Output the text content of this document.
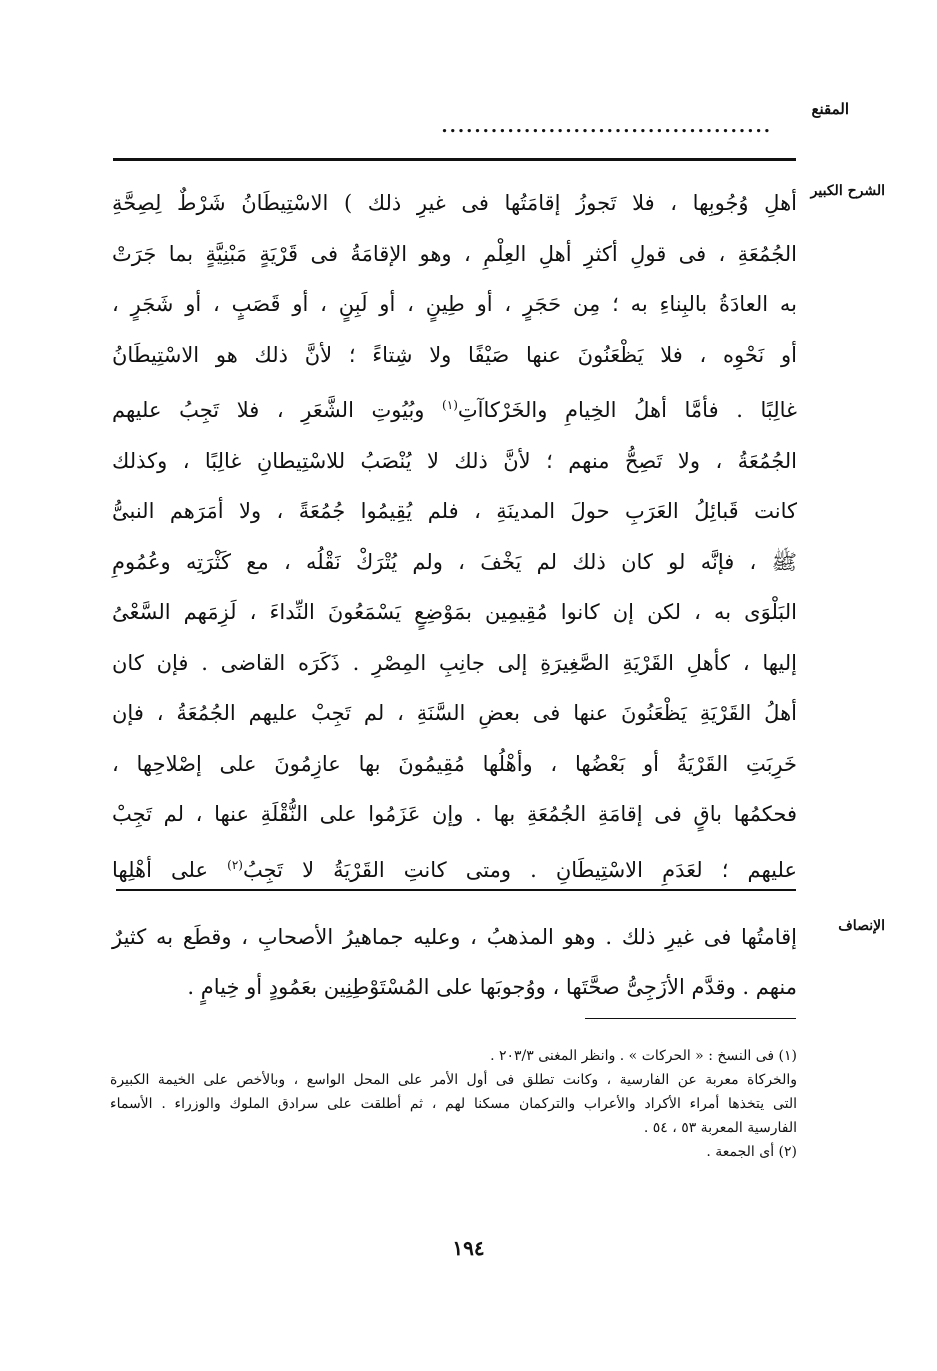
المقنع
........................................
الشرح الكبير
أهلِ وُجُوبِها ، فلا تَجوزُ إقامَتُها فى غيرِ ذلك ) الاسْتِيطَانُ شَرْطٌ لِصِحَّةِ
الجُمُعَةِ ، فى قولِ أكثرِ أهلِ العِلْمِ ، وهو الإقامَةُ فى قَرْيَةٍ مَبْنِيَّةٍ بما جَرَتْ
به العادَةُ بالبِناءِ به ؛ مِن حَجَرٍ ، أو طِينٍ ، أو لَبِنٍ ، أو قَصَبٍ ، أو شَجَرٍ ،
أو نَحْوِه ، فلا يَظْعَنُونَ عنها صَيْفًا ولا شِتاءً ؛ لأنَّ ذلك هو الاسْتِيطَانُ
غالِبًا . فأمَّا أهلُ الخِيامِ والخَرْكاآتِ$^{(١)}$ وبُيُوتِ الشَّعَرِ ، فلا تَجِبُ عليهم
الجُمُعَةُ ، ولا تَصِحُّ منهم ؛ لأنَّ ذلك لا يُنْصَبُ للاسْتِيطانِ غالِبًا ، وكذلك
كانت قَبائِلُ العَرَبِ حولَ المدينَةِ ، فلم يُقِيمُوا جُمُعَةً ، ولا أمَرَهم النبىُّ
ﷺ ، فإنَّه لو كان ذلك لم يَخْفَ ، ولم يُتْرَكْ نَقْلُه ، مع كَثْرَتِه وعُمُومِ
البَلْوَى به ، لكن إن كانوا مُقِيمِين بمَوْضِعٍ يَسْمَعُونَ النِّداءَ ، لَزِمَهم السَّعْىُ
إليها ، كأهلِ القَرْيَةِ الصَّغِيرَةِ إلى جانِبِ المِصْرِ . ذَكَرَه القاضى . فإن كان
أهلُ القَرْيَةِ يَظْعَنُونَ عنها فى بعضِ السَّنَةِ ، لم تَجِبْ عليهم الجُمُعَةُ ، فإن
خَرِبَتِ القَرْيَةُ أو بَعْضُها ، وأهْلُها مُقِيمُونَ بها عازِمُونَ على إصْلاحِها ،
فحكمُها باقٍ فى إقامَةِ الجُمُعَةِ بها . وإن عَزَمُوا على النُّقْلَةِ عنها ، لم تَجِبْ
عليهم ؛ لعَدَمِ الاسْتِيطَانِ . ومتى كانتِ القَرْيَةُ لا تَجِبُ$^{(٢)}$ على أهْلِها
الإنصاف
إقامتُها فى غيرِ ذلك . وهو المذهبُ ، وعليه جماهيرُ الأصحابِ ، وقطَع به كثيرٌ
منهم . وقدَّم الأزَجِىُّ صحَّتَها ، ووُجوبَها على المُسْتَوْطِنِين بعَمُودٍ أو خِيامٍ .
(١) فى النسخ : « الحركات » . وانظر المغنى ٢٠٣/٣ .
والخركاة معربة عن الفارسية ، وكانت تطلق فى أول الأمر على المحل الواسع ، وبالأخص على الخيمة الكبيرة
التى يتخذها أمراء الأكراد والأعراب والتركمان مسكنا لهم ، ثم أطلقت على سرادق الملوك والوزراء . الأسماء
الفارسية المعربة ٥٣ ، ٥٤ .
(٢) أى الجمعة .
١٩٤
